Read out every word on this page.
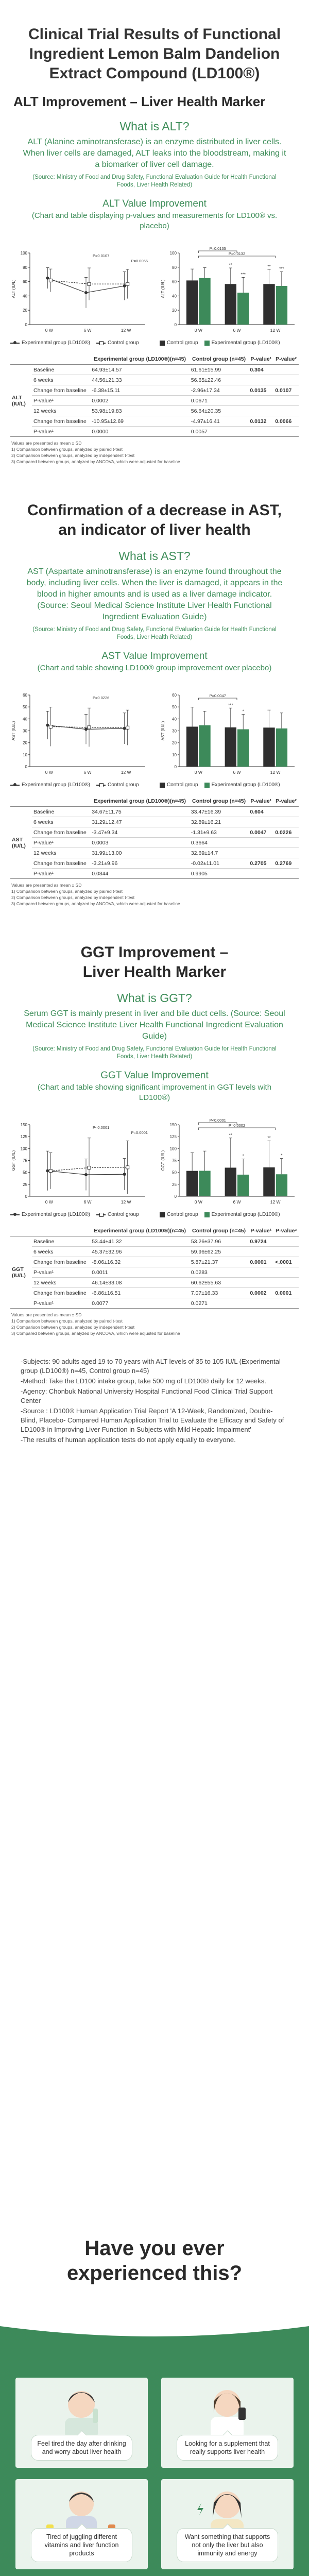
Clinical Trial Results of Functional Ingredient Lemon Balm Dandelion Extract Compound (LD100®)
ALT Improvement – Liver Health Marker
What is ALT?
ALT (Alanine aminotransferase) is an enzyme distributed in liver cells. When liver cells are damaged, ALT leaks into the bloodstream, making it a biomarker of liver cell damage.
(Source: Ministry of Food and Drug Safety, Functional Evaluation Guide for Health Functional Foods, Liver Health Related)
ALT Value Improvement
(Chart and table displaying p-values and measurements for LD100® vs. placebo)
0
20
40
60
80
100
ALT (IU/L)
0 W	6 W	12 W
P=0.0107
P=0.0066
0
20
40
60
80
100
ALT (IU/L)
0 W	6 W	12 W
P=0.0135
P=0.0132
**
***
** ***
Experimental group (LD100®)	Control group	Control group	Experimental group (LD100®)
		Experimental group (LD100®)(n=45)	Control group (n=45)	P-value¹	P-value²
ALT (IU/L)	Baseline	64.93±14.57	61.61±15.99	0.304	
	6 weeks	44.56±21.33	56.65±22.46		
	Change from baseline	-6.38±15.11	-2.96±17.34	0.0135	0.0107
	P-value¹	0.0002	0.0671		
	12 weeks	53.98±19.83	56.64±20.35		
	Change from baseline	-10.95±12.69	-4.97±16.41	0.0132	0.0066
	P-value¹	0.0000	0.0057		
Values are presented as mean ± SD
1) Comparison between groups, analyzed by paired t-test
2) Comparison between groups, analyzed by independent t-test
3) Compared between groups, analyzed by ANCOVA, which were adjusted for baseline
Confirmation of a decrease in AST, an indicator of liver health
What is AST?
AST (Aspartate aminotransferase) is an enzyme found throughout the body, including liver cells. When the liver is damaged, it appears in the blood in higher amounts and is used as a liver damage indicator. (Source: Seoul Medical Science Institute Liver Health Functional Ingredient Evaluation Guide)
(Source: Ministry of Food and Drug Safety, Functional Evaluation Guide for Health Functional Foods, Liver Health Related)
AST Value Improvement
(Chart and table showing LD100® group improvement over placebo)
0
10
20
30
40
50
60
AST (IU/L)
0 W	6 W	12 W
P=0.0226
0
10
20
30
40
50
60
AST (IU/L)
0 W	6 W	12 W
P=0.0047
***
*
Experimental group (LD100®)	Control group	Control group	Experimental group (LD100®)
		Experimental group (LD100®)(n=45)	Control group (n=45)	P-value¹	P-value²
AST (IU/L)	Baseline	34.67±11.75	33.47±16.39	0.604	
	6 weeks	31.29±12.47	32.89±16.21		
	Change from baseline	-3.47±9.34	-1.31±9.63	0.0047	0.0226
	P-value¹	0.0003	0.3664		
	12 weeks	31.99±13.00	32.69±14.7		
	Change from baseline	-3.21±9.96	-0.02±11.01	0.2705	0.2769
	P-value¹	0.0344	0.9905		
Values are presented as mean ± SD
1) Comparison between groups, analyzed by paired t-test
2) Comparison between groups, analyzed by independent t-test
3) Compared between groups, analyzed by ANCOVA, which were adjusted for baseline
GGT Improvement – Liver Health Marker
What is GGT?
Serum GGT is mainly present in liver and bile duct cells. (Source: Seoul Medical Science Institute Liver Health Functional Ingredient Evaluation Guide)
(Source: Ministry of Food and Drug Safety, Functional Evaluation Guide for Health Functional Foods, Liver Health Related)
GGT Value Improvement
(Chart and table showing significant improvement in GGT levels with LD100®)
0
25
50
75
100
125
150
GGT (IU/L)
0 W	6 W	12 W
P<0.0001
P=0.0001
0
25
50
75
100
125
150
GGT (IU/L)
0 W	6 W	12 W
P<0.0001
P=0.0002
**
*
**
*
Experimental group (LD100®)	Control group	Control group	Experimental group (LD100®)
		Experimental group (LD100®)(n=45)	Control group (n=45)	P-value¹	P-value²
GGT (IU/L)	Baseline	53.44±41.32	53.26±37.96	0.9724	
	6 weeks	45.37±32.96	59.96±62.25		
	Change from baseline	-8.06±16.32	5.87±21.37	0.0001	<.0001
	P-value¹	0.0011	0.0283		
	12 weeks	46.14±33.08	60.62±55.63		
	Change from baseline	-6.86±16.51	7.07±16.33	0.0002	0.0001
	P-value¹	0.0077	0.0271		
Values are presented as mean ± SD
1) Comparison between groups, analyzed by paired t-test
2) Comparison between groups, analyzed by independent t-test
3) Compared between groups, analyzed by ANCOVA, which were adjusted for baseline

-Subjects: 90 adults aged 19 to 70 years with ALT levels of 35 to 105 IU/L (Experimental group (LD100®) n=45, Control group n=45)

-Method: Take the LD100 intake group, take 500 mg of LD100® daily for 12 weeks.

-Agency: Chonbuk National University Hospital Functional Food Clinical Trial Support Center

-Source : LD100® Human Application Trial Report 'A 12-Week, Randomized, Double-Blind, Placebo- Compared Human Application Trial to Evaluate the Efficacy and Safety of LD100® in Improving Liver Function in Subjects with Mild Hepatic Impairment'

-The results of human application tests do not apply equally to everyone.

Have you ever experienced this?
Feel tired the day after drinking and worry about liver health
Looking for a supplement that really supports liver health
Tired of juggling different vitamins and liver function products
Want something that supports not only the liver but also immunity and energy
